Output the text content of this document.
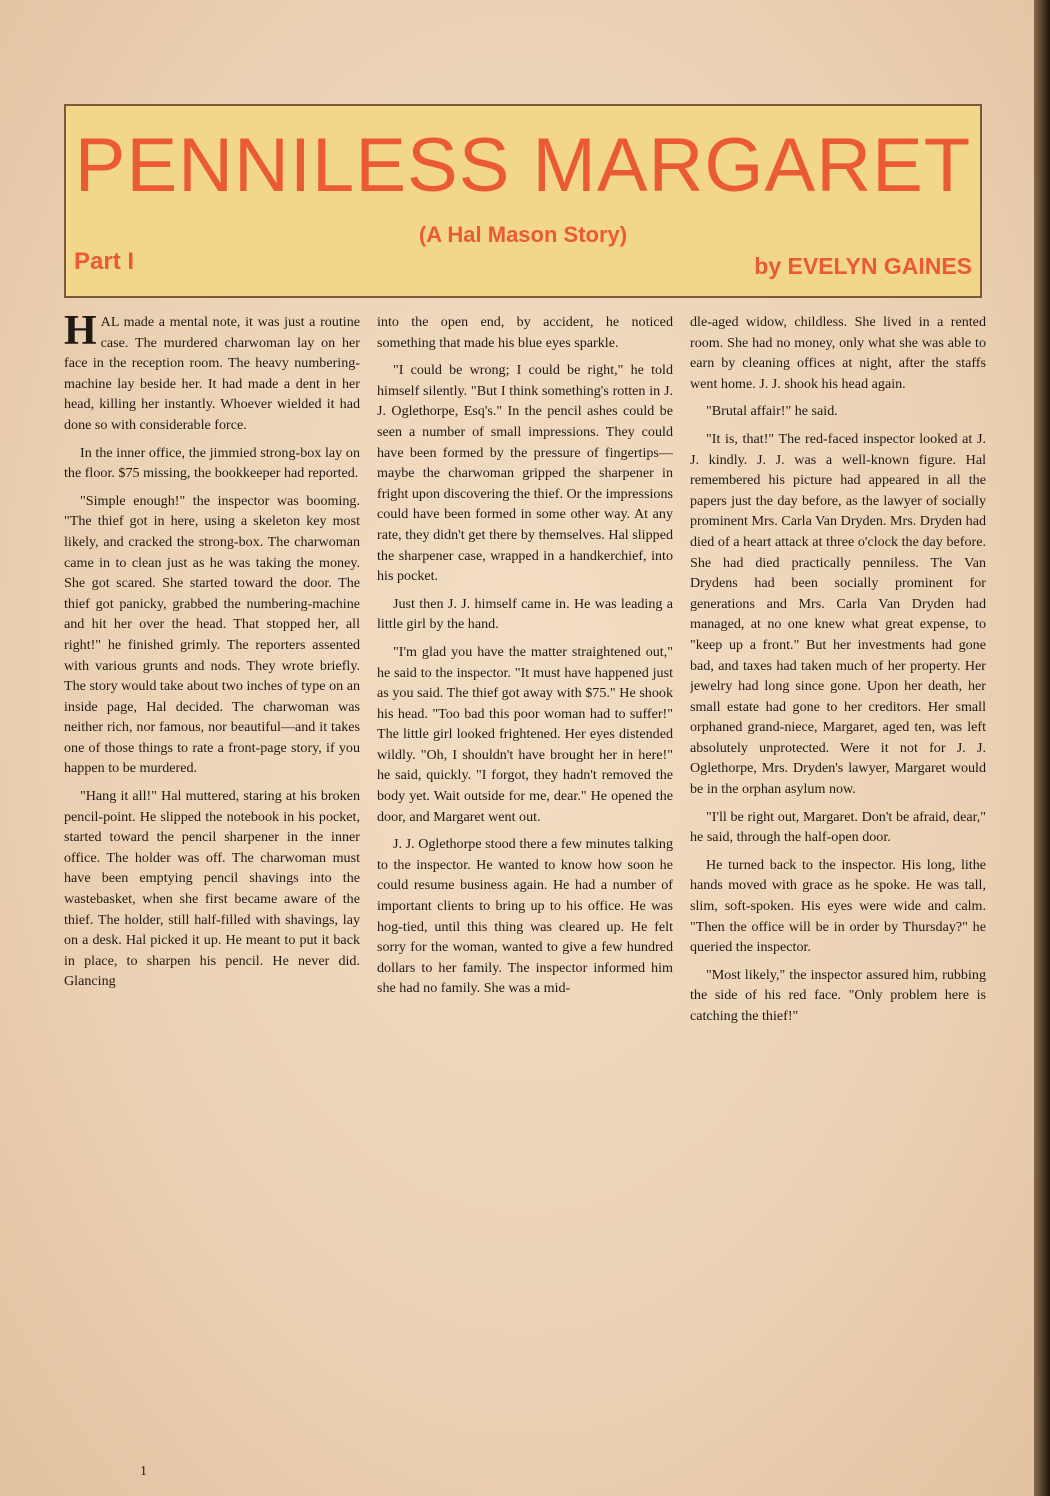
PENNILESS MARGARET
(A Hal Mason Story)
Part I	by EVELYN GAINES

HAL made a mental note, it was just a routine case. The murdered charwoman lay on her face in the reception room. The heavy numbering-machine lay beside her. It had made a dent in her head, killing her instantly. Whoever wielded it had done so with considerable force.

In the inner office, the jimmied strong-box lay on the floor. $75 missing, the bookkeeper had reported.

"Simple enough!" the inspector was booming. "The thief got in here, using a skeleton key most likely, and cracked the strong-box. The charwoman came in to clean just as he was taking the money. She got scared. She started toward the door. The thief got panicky, grabbed the numbering-machine and hit her over the head. That stopped her, all right!" he finished grimly. The reporters assented with various grunts and nods. They wrote briefly. The story would take about two inches of type on an inside page, Hal decided. The charwoman was neither rich, nor famous, nor beautiful—and it takes one of those things to rate a front-page story, if you happen to be murdered.

"Hang it all!" Hal muttered, staring at his broken pencil-point. He slipped the notebook in his pocket, started toward the pencil sharpener in the inner office. The holder was off. The charwoman must have been emptying pencil shavings into the wastebasket, when she first became aware of the thief. The holder, still half-filled with shavings, lay on a desk. Hal picked it up. He meant to put it back in place, to sharpen his pencil. He never did. Glancing

into the open end, by accident, he noticed something that made his blue eyes sparkle.

"I could be wrong; I could be right," he told himself silently. "But I think something's rotten in J. J. Oglethorpe, Esq's." In the pencil ashes could be seen a number of small impressions. They could have been formed by the pressure of fingertips—maybe the charwoman gripped the sharpener in fright upon discovering the thief. Or the impressions could have been formed in some other way. At any rate, they didn't get there by themselves. Hal slipped the sharpener case, wrapped in a handkerchief, into his pocket.

Just then J. J. himself came in. He was leading a little girl by the hand.

"I'm glad you have the matter straightened out," he said to the inspector. "It must have happened just as you said. The thief got away with $75." He shook his head. "Too bad this poor woman had to suffer!" The little girl looked frightened. Her eyes distended wildly. "Oh, I shouldn't have brought her in here!" he said, quickly. "I forgot, they hadn't removed the body yet. Wait outside for me, dear." He opened the door, and Margaret went out.

J. J. Oglethorpe stood there a few minutes talking to the inspector. He wanted to know how soon he could resume business again. He had a number of important clients to bring up to his office. He was hog-tied, until this thing was cleared up. He felt sorry for the woman, wanted to give a few hundred dollars to her family. The inspector informed him she had no family. She was a mid-

dle-aged widow, childless. She lived in a rented room. She had no money, only what she was able to earn by cleaning offices at night, after the staffs went home. J. J. shook his head again.

"Brutal affair!" he said.

"It is, that!" The red-faced inspector looked at J. J. kindly. J. J. was a well-known figure. Hal remembered his picture had appeared in all the papers just the day before, as the lawyer of socially prominent Mrs. Carla Van Dryden. Mrs. Dryden had died of a heart attack at three o'clock the day before. She had died practically penniless. The Van Drydens had been socially prominent for generations and Mrs. Carla Van Dryden had managed, at no one knew what great expense, to "keep up a front." But her investments had gone bad, and taxes had taken much of her property. Her jewelry had long since gone. Upon her death, her small estate had gone to her creditors. Her small orphaned grand-niece, Margaret, aged ten, was left absolutely unprotected. Were it not for J. J. Oglethorpe, Mrs. Dryden's lawyer, Margaret would be in the orphan asylum now.

"I'll be right out, Margaret. Don't be afraid, dear," he said, through the half-open door.

He turned back to the inspector. His long, lithe hands moved with grace as he spoke. He was tall, slim, soft-spoken. His eyes were wide and calm. "Then the office will be in order by Thursday?" he queried the inspector.

"Most likely," the inspector assured him, rubbing the side of his red face. "Only problem here is catching the thief!"

1
